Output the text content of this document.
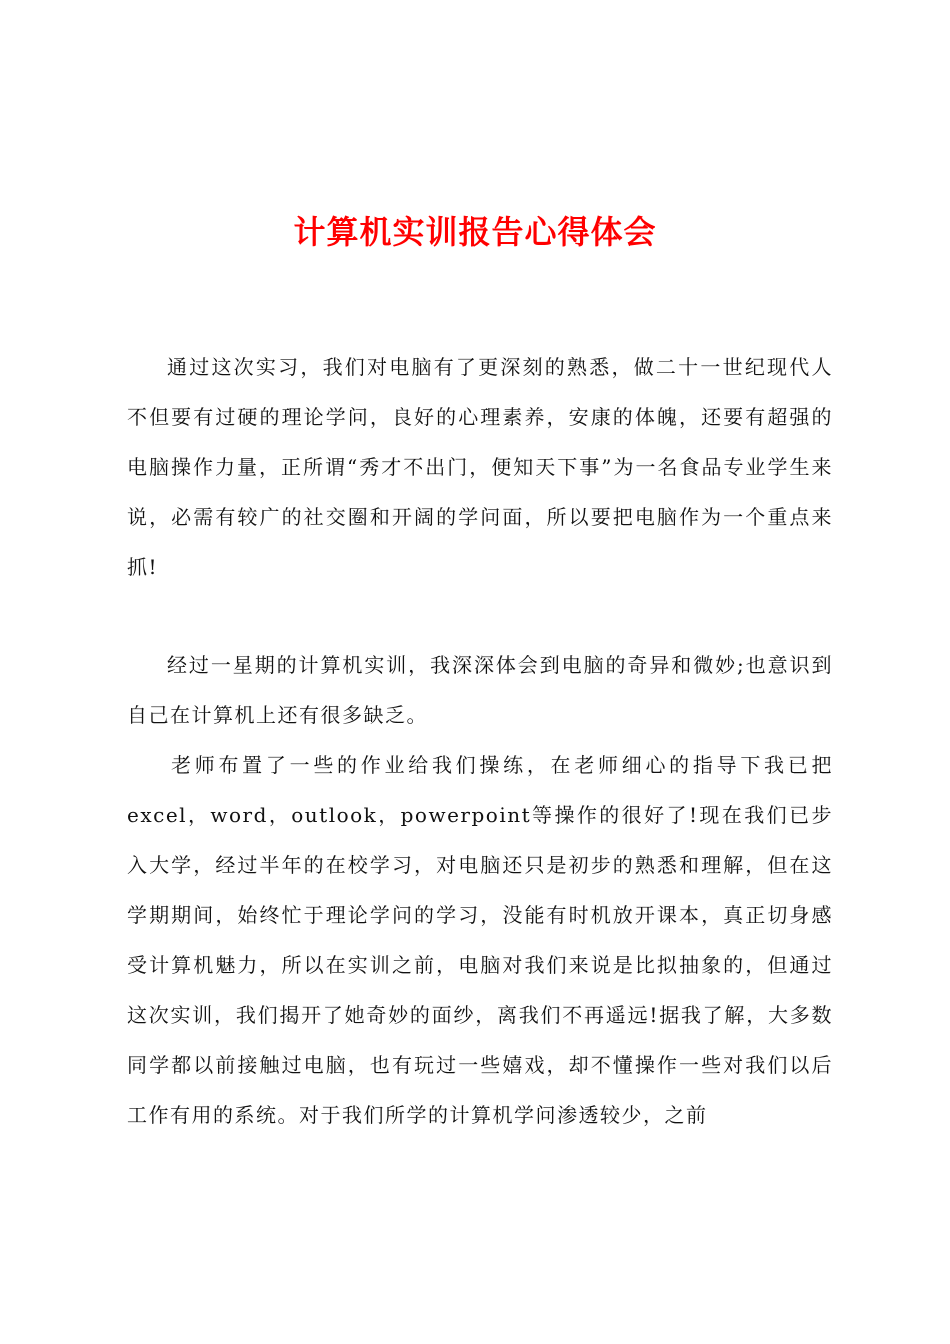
计算机实训报告心得体会

通过这次实习，我们对电脑有了更深刻的熟悉，做二十一世纪现代人不但要有过硬的理论学问，良好的心理素养，安康的体魄，还要有超强的电脑操作力量，正所谓“秀才不出门，便知天下事”为一名食品专业学生来说，必需有较广的社交圈和开阔的学问面，所以要把电脑作为一个重点来抓!

经过一星期的计算机实训，我深深体会到电脑的奇异和微妙;也意识到自己在计算机上还有很多缺乏。

老师布置了一些的作业给我们操练，在老师细心的指导下我已把excel，word，outlook，powerpoint等操作的很好了!现在我们已步入大学，经过半年的在校学习，对电脑还只是初步的熟悉和理解，但在这学期期间，始终忙于理论学问的学习，没能有时机放开课本，真正切身感受计算机魅力，所以在实训之前，电脑对我们来说是比拟抽象的，但通过这次实训，我们揭开了她奇妙的面纱，离我们不再遥远!据我了解，大多数同学都以前接触过电脑，也有玩过一些嬉戏，却不懂操作一些对我们以后工作有用的系统。对于我们所学的计算机学问渗透较少，之前
